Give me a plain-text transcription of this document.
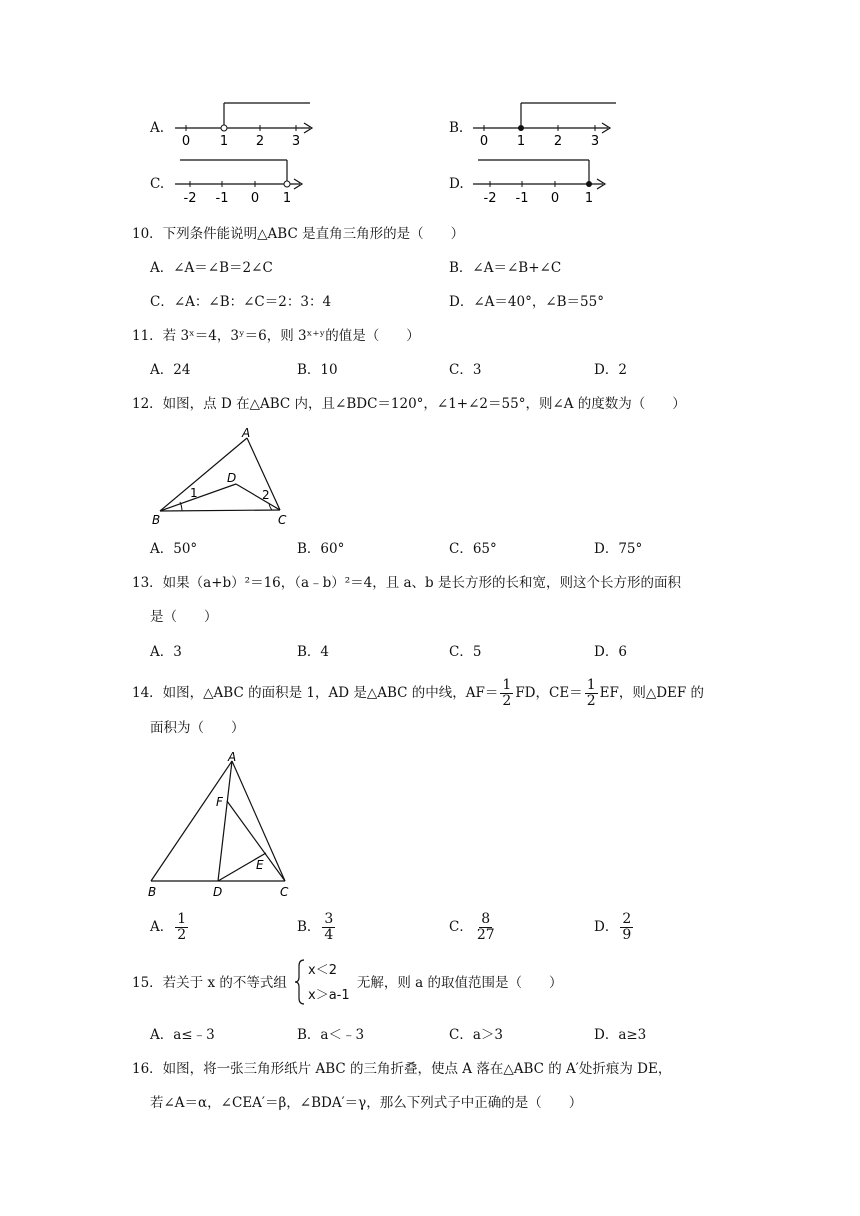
A.
0 1 2 3
B.
0 1 2 3
C.
-2 -1 0 1
D.
-2 -1 0 1
10．下列条件能说明△ABC 是直角三角形的是（　　）
A．∠A＝∠B＝2∠C	B．∠A＝∠B+∠C
C．∠A：∠B：∠C＝2：3：4	D．∠A＝40°，∠B＝55°
11．若 3ˣ＝4，3ʸ＝6，则 3ˣ⁺ʸ的值是（　　）
A．24	B．10	C．3	D．2
12．如图，点 D 在△ABC 内，且∠BDC＝120°，∠1+∠2＝55°，则∠A 的度数为（　　）
A
B	C
D
1	2
A．50°	B．60°	C．65°	D．75°
13．如果（a+b）²＝16，（a﹣b）²＝4，且 a、b 是长方形的长和宽，则这个长方形的面积
是（　　）
A．3	B．4	C．5	D．6
14．如图，△ABC 的面积是 1，AD 是△ABC 的中线，$AF= \frac{1}{2}$ FD，$CE= \frac{1}{2}$ EF，则△DEF 的
面积为（　　）
A
B	D	C
F
E
A． $\frac{1}{2}$	B． $\frac{3}{4}$	C． $\frac{8}{27}$	D． $\frac{2}{9}$
15．若关于 x 的不等式组	无解，则 a 的取值范围是（　　）
x＜2
x＞a-1
A．a≤﹣3	B．a＜﹣3	C．a＞3	D．a≥3
16．如图，将一张三角形纸片 ABC 的三角折叠，使点 A 落在△ABC 的 A′处折痕为 DE，
若∠A＝α，∠CEA′＝β，∠BDA′＝γ，那么下列式子中正确的是（　　）
